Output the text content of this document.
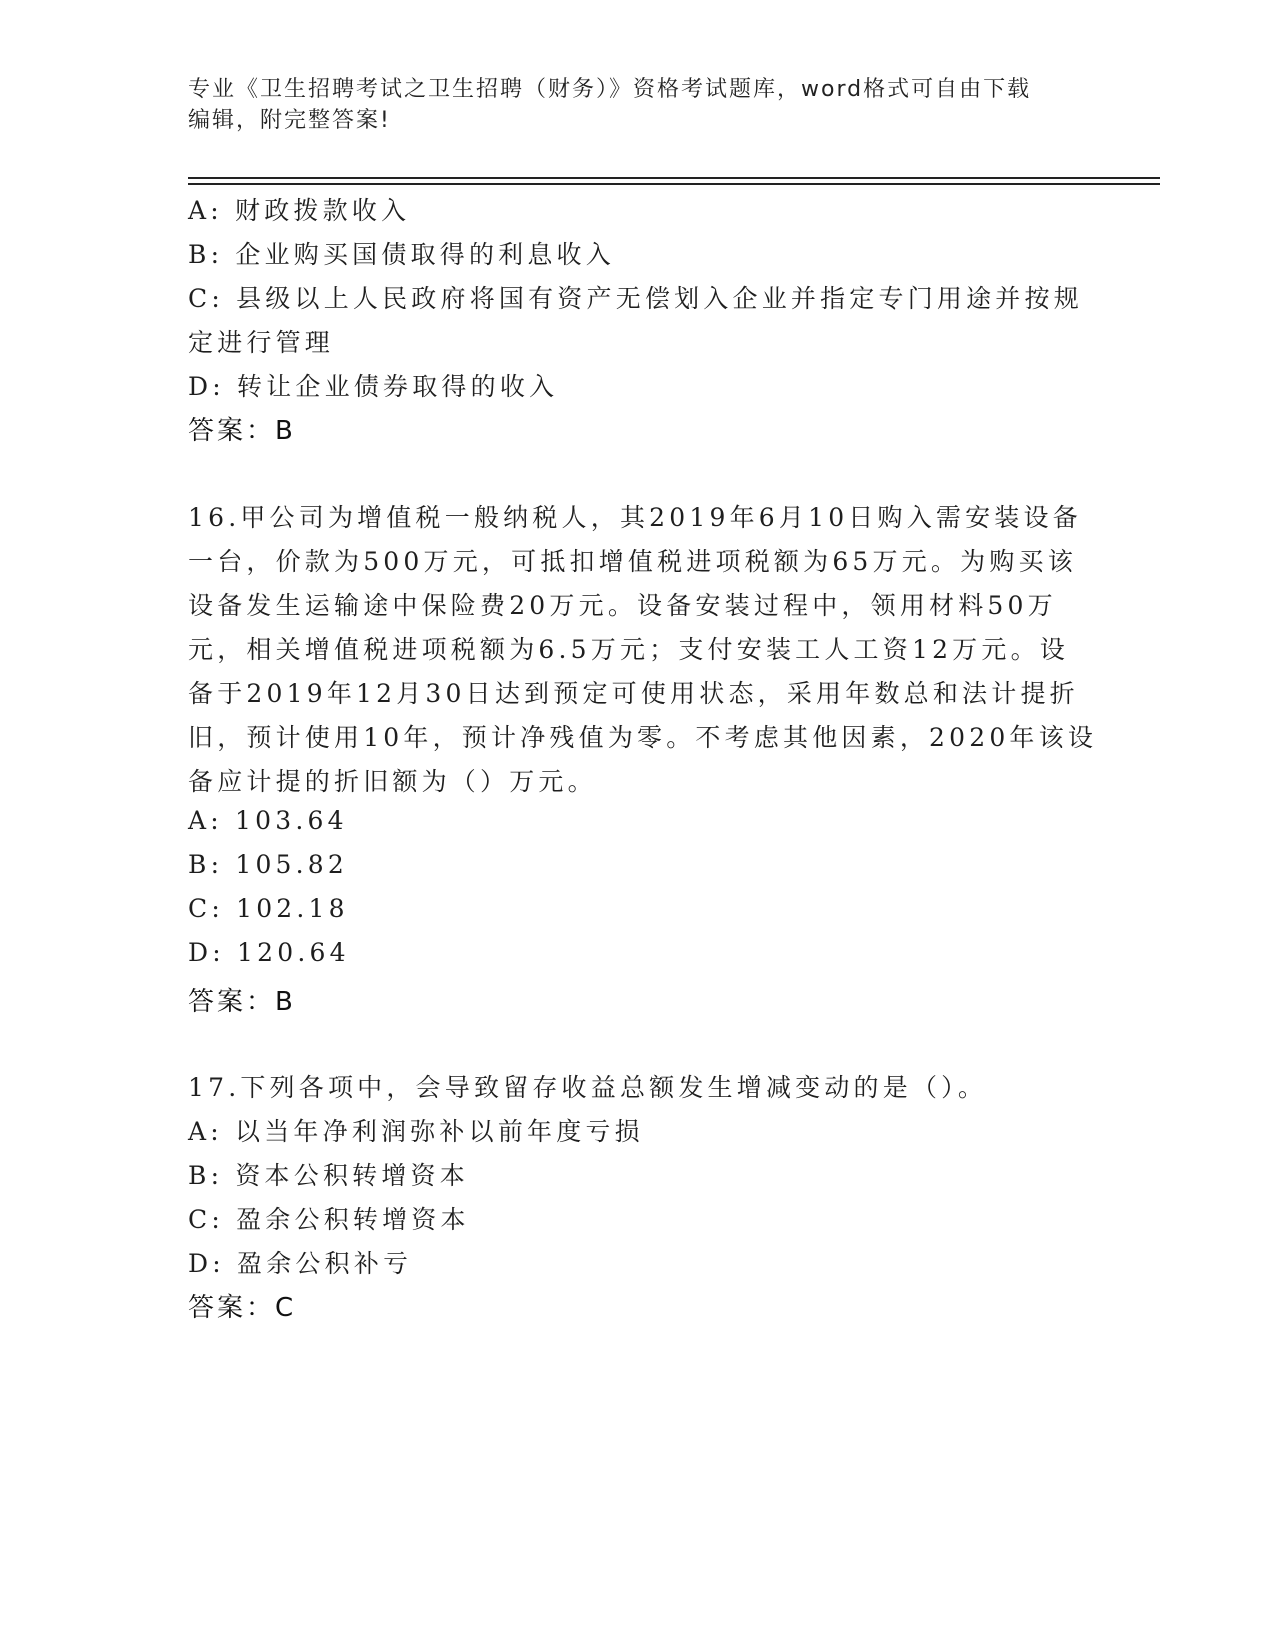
专业《卫生招聘考试之卫生招聘（财务）》资格考试题库，word格式可自由下载
编辑，附完整答案!
A: 财政拨款收入
B: 企业购买国债取得的利息收入
C: 县级以上人民政府将国有资产无偿划入企业并指定专门用途并按规
定进行管理
D: 转让企业债券取得的收入
答案：B
16.甲公司为增值税一般纳税人，其2019年6月10日购入需安装设备
一台，价款为500万元，可抵扣增值税进项税额为65万元。为购买该
设备发生运输途中保险费20万元。设备安装过程中，领用材料50万
元，相关增值税进项税额为6.5万元；支付安装工人工资12万元。设
备于2019年12月30日达到预定可使用状态，采用年数总和法计提折
旧，预计使用10年，预计净残值为零。不考虑其他因素，2020年该设
备应计提的折旧额为（）万元。
A: 103.64
B: 105.82
C: 102.18
D: 120.64
答案：B
17.下列各项中，会导致留存收益总额发生增减变动的是（）。
A: 以当年净利润弥补以前年度亏损
B: 资本公积转增资本
C: 盈余公积转增资本
D: 盈余公积补亏
答案：C
